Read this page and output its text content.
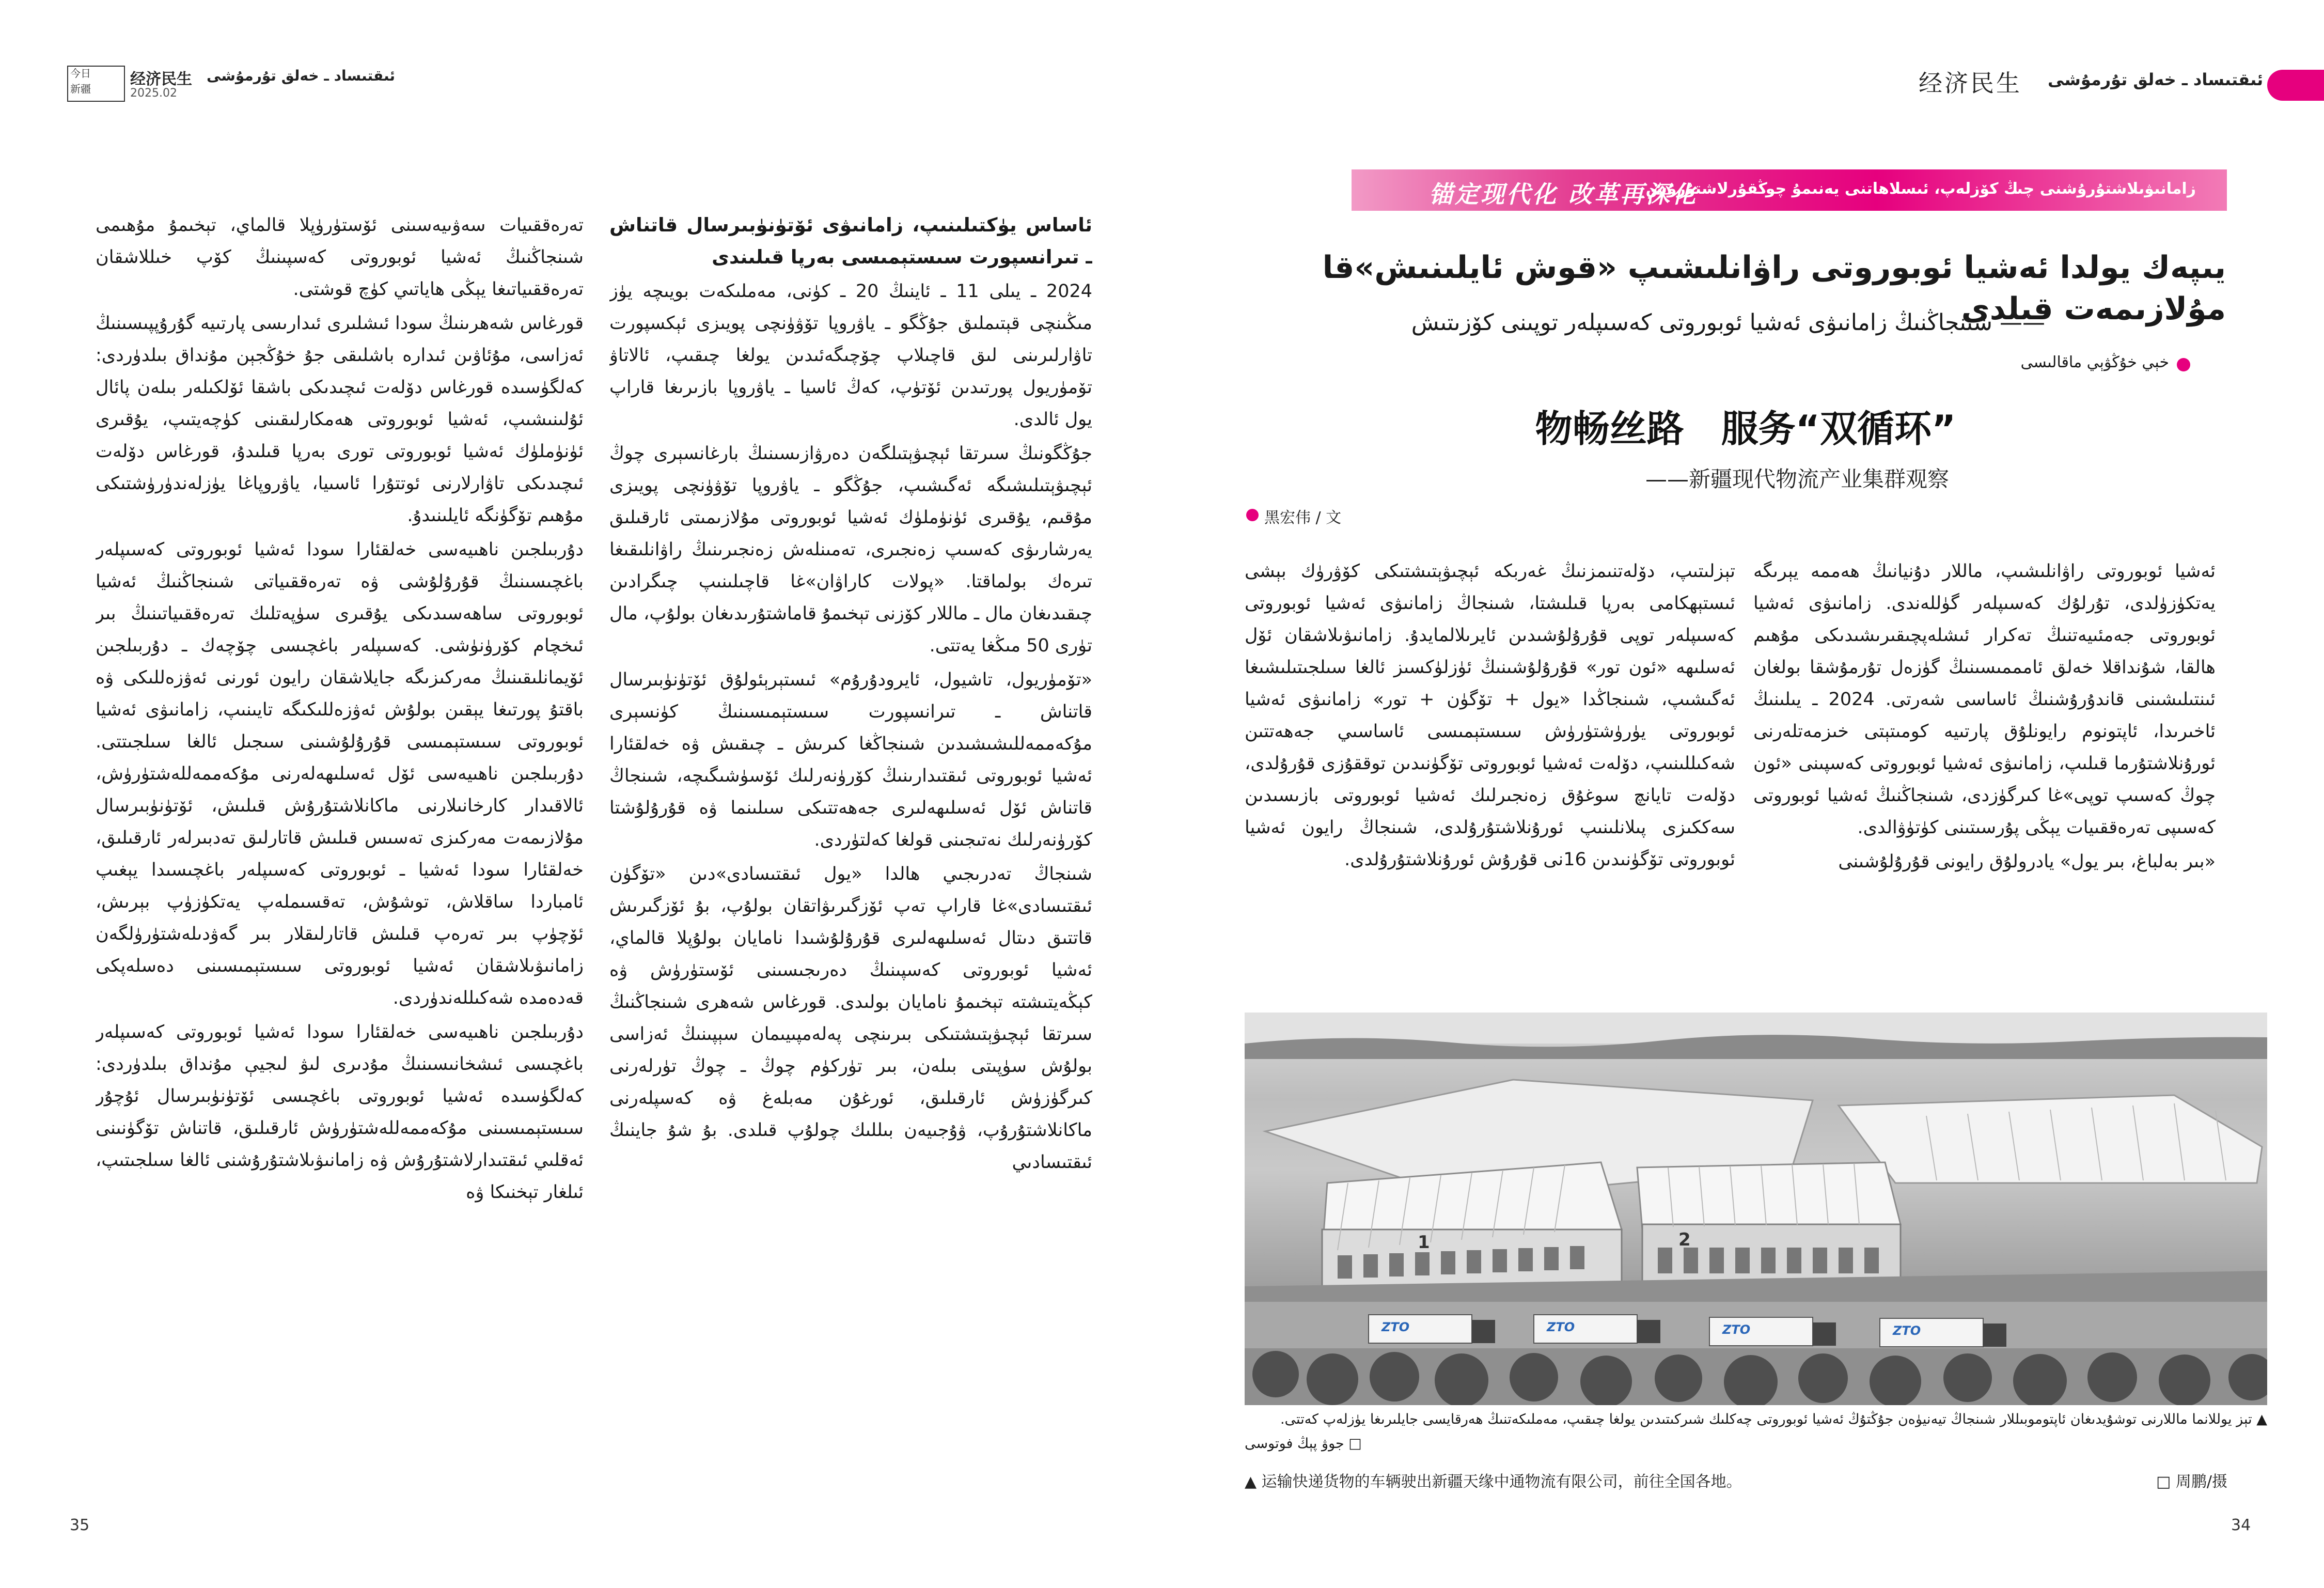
今日
新疆
经济民生
2025.02
ئىقتىساد ـ خەلق تۇرمۇشى	经济民生 ئىقتىساد ـ خەلق تۇرمۇشى
锚定现代化 改革再深化
زامانىۋىلاشتۇرۇشنى چىڭ كۆزلەپ، ئىسلاھاتنى يەنىمۇ چوڭقۇرلاشتۇرۇش
يىپەك يولدا ئەشيا ئوبوروتى راۋانلىشىپ «قوش ئايلىنىش»قا مۇلازىمەت قىلدى
—— شىنجاڭنىڭ زامانىۋى ئەشيا ئوبوروتى كەسىپلەر توپىنى كۆزىتىش
خېي خۇڭۋېي ماقالىسى
物畅丝路　服务“双循环”
——新疆现代物流产业集群观察
黑宏伟 / 文

ئەشيا ئوبوروتى راۋانلىشىپ، ماللار دۇنيانىڭ ھەممە يېرىگە يەتكۈزۈلدى، تۇرلۇك كەسىپلەر گۈللەندى. زامانىۋى ئەشيا ئوبوروتى جەمئىيەتنىڭ تەكرار ئىشلەپچىقىرىشىدىكى مۇھىم ھالقا، شۇنداقلا خەلق ئامممىسىنىڭ گۈزەل تۇرمۇشقا بولغان ئىنتىلىشىنى قاندۇرۇشنىڭ ئاساسى شەرتى. 2024 ـ يىلىنىڭ ئاخىرىدا، ئاپتونوم رايونلۇق پارتىيە كومىتېتى خىزمەتلەرنى ئورۇنلاشتۇرما قىلىپ، زامانىۋى ئەشيا ئوبوروتى كەسپىنى «ئون چوڭ كەسىپ توپى»غا كىرگۈزدى، شىنجاڭنىڭ ئەشيا ئوبوروتى كەسىپى تەرەققىيات يېڭى پۇرسىتىنى كۈتۈۋالدى.

«بىر بەلباغ، بىر يول» يادرولۇق رايونى قۇرۇلۇشىنى

تېزلىتىپ، دۆلەتنىمزنىڭ غەربكە ئېچىۋېتىشتىكى كۆۋرۈك بېشى ئىستېھكامى بەرپا قىلىشتا، شىنجاڭ زامانىۋى ئەشيا ئوبوروتى كەسىپلەر توپى قۇرۇلۇشىدىن ئايرىلالمايدۇ. زامانىۋىلاشقان ئۆل ئەسلىھە «ئون تور» قۇرۇلۇشىنىڭ ئۈزلۈكسىز ئالغا سىلجىتىلىشىغا ئەگىشىپ، شىنجاڭدا «يول + تۆگۈن + تور» زامانىۋى ئەشيا ئوبوروتى يۈرۈشتۈرۈش سىستېمىسى ئاساسىي جەھەتتىن شەكىللىنىپ، دۆلەت ئەشيا ئوبوروتى تۆگۈنىدىن توققۇزى قۇرۇلدى، دۆلەت تايانچ سوغۇق زەنجىرلىك ئەشيا ئوبوروتى بازىسىدىن سەككىزى پىلانلىنىپ ئورۇنلاشتۇرۇلدى، شىنجاڭ رايون ئەشيا ئوبوروتى تۆگۈنىدىن 16نى قۇرۇش ئورۇنلاشتۇرۇلدى.

1	2
ZTO	ZTO	ZTO	ZTO
▲ تېز يوللانما ماللارنى توشۇيدىغان ئاپتوموبىللار شىنجاڭ تيەنيۈەن جۇڭتۇڭ ئەشيا ئوبوروتى چەكلىك شىركىتىدىن يولغا چىقىپ، مەملىكەتنىڭ ھەرقايسى جايلىرىغا يۈزلەپ كەتتى.
□ جوۋ پېڭ فوتوسى
▲ 运输快递货物的车辆驶出新疆天缘中通物流有限公司，前往全国各地。	□ 周鹏/摄

ئاساس يۈكتىلىنىپ، زامانىۋى ئۆتۈنۈبىرسال قاتناش ـ تىرانسپورت سىستېمىسى بەرپا قىلىندى

2024 ـ يىلى 11 ـ ئاينىڭ 20 ـ كۈنى، مەملىكەت بويىچە يۈز مىڭىنچى قېتىملىق جۇڭگو ـ ياۋروپا تۆۋۈنچى پويىزى ئېكسپورت تاۋارلىرىنى لىق قاچىلاپ چۆچىگەئىدىن يولغا چىقىپ، ئالاتاۋ تۆمۈريول پورتىدىن ئۆتۈپ، كەڭ ئاسيا ـ ياۋروپا بازىرىغا قاراپ يول ئالدى.

جۇڭگونىڭ سىرتقا ئېچىۋېتىلگەن دەرۋازىسىنىڭ بارغانسېرى چوڭ ئېچىۋېتىلىشىگە ئەگىشىپ، جۇڭگو ـ ياۋروپا تۆۋۈنچى پويىزى مۇقىم، يۇقىرى ئۈنۈملۈك ئەشيا ئوبوروتى مۇلازىمىتى ئارقىلىق يەرشارىۋى كەسىپ زەنجىرى، تەمىنلەش زەنجىرىنىڭ راۋانلىقىغا تىرەك بولماقتا. «پولات كاراۋان»غا قاچىلىنىپ چىگرادىن چىقىدىغان مال ـ ماللار كۆزنى تېخىمۇ قاماشتۇرىدىغان بولۇپ، مال تۈرى 50 مىڭغا يەتتى.

«تۆمۈريول، تاشيول، ئايرودۇرۇم» ئىستېرېئولۇق ئۆتۈنۈبىرسال قاتناش ـ تىرانسپورت سىستېمىسىنىڭ كۈنسېرى مۇكەممەللىشىشىدىن شىنجاڭغا كىرىش ـ چىقىش ۋە خەلقئارا ئەشيا ئوبوروتى ئىقتىدارىنىڭ كۆرۈنەرلىك ئۆسۈشىگىچە، شىنجاڭ قاتناش ئۆل ئەسلىھەلىرى جەھەتتىكى سىلىنما ۋە قۇرۇلۇشتا كۆرۈنەرلىك نەتىجىنى قولغا كەلتۈردى.

شىنجاڭ تەدرىجىي ھالدا «يول ئىقتىسادى»دىن «تۆگۈن ئىقتىسادى»غا قاراپ تەپ ئۆزگىرىۋاتقان بولۇپ، بۇ ئۆزگىرىش قاتتىق دىتال ئەسلىھەلىرى قۇرۇلۇشىدا نامايان بولۇپلا قالماي، ئەشيا ئوبوروتى كەسپىنىڭ دەرىجىسىنى ئۆستۈرۈش ۋە كېڭەيتىشتە تېخىمۇ نامايان بولىدى. قورغاس شەھرى شىنجاڭنىڭ سىرتقا ئېچىۋېتىشتىكى بىرىنچى پەلەمپىيىمان سېپىنىڭ ئەزاسى بولۇش سۈپىتى بىلەن، بىر تۈركۈم چوڭ ـ چوڭ تۈرلەرنى كىرگۈزۈش ئارقىلىق، ئورغۇن مەبلەغ ۋە كەسپلەرنى ماكانلاشتۇرۇپ، ۋۇجىيەن بىللىك چولۇپ قىلدى. بۇ شۇ جاينىڭ ئىقتىسادىي

تەرەققىيات سەۋىيەسىنى ئۆستۈرۈپلا قالماي، تېخىمۇ مۇھىمى شىنجاڭنىڭ ئەشيا ئوبوروتى كەسپىنىڭ كۆپ خىللاشقان تەرەققىياتىغا يېڭى ھاياتىي كۈچ قوشتى.

قورغاس شەھرىنىڭ سودا ئىشلىرى ئىدارىسى پارتىيە گۇرۇپپىسىنىڭ ئەزاسى، مۇئاۋىن ئىدارە باشلىقى جۇ خۇڭجېن مۇنداق بىلدۈردى: كەلگۈسىدە قورغاس دۆلەت ئىچىدىكى باشقا ئۆلكىلەر بىلەن پائال ئۇلىنىشىپ، ئەشيا ئوبوروتى ھەمكارلىقىنى كۈچەيتىپ، يۇقىرى ئۈنۈملۈك ئەشيا ئوبوروتى تورى بەرپا قىلىدۇ، قورغاس دۆلەت ئىچىدىكى تاۋارلارنى ئوتتۇرا ئاسىيا، ياۋروپاغا يۈزلەندۈرۈشتىكى مۇھىم تۆگۈنگە ئايلىنىدۇ.

دۇربىلجىن ناھىيەسى خەلقئارا سودا ئەشيا ئوبوروتى كەسىپلەر باغچىسىنىڭ قۇرۇلۇشى ۋە تەرەققىياتى شىنجاڭنىڭ ئەشيا ئوبوروتى ساھەسىدىكى يۇقىرى سۈپەتلىك تەرەققىياتىنىڭ بىر ئىخچام كۆرۈنۈشى. كەسىپلەر باغچىسى چۆچەك ـ دۇربىلجىن ئۆيمانلىقىنىڭ مەركىزىگە جايلاشقان رايون ئورنى ئەۋزەللىكى ۋە باقتۇ پورتىغا يېقىن بولۇش ئەۋزەللىكىگە تايىنىپ، زامانىۋى ئەشيا ئوبوروتى سىستېمىسى قۇرۇلۇشىنى سىجىل ئالغا سىلجىتتى. دۇربىلجىن ناھىيەسى ئۆل ئەسلىھەلەرنى مۇكەممەللەشتۈرۈش، ئالاقىدار كارخانىلارنى ماكانلاشتۇرۇش قىلىش، ئۆتۈنۈبىرسال مۇلازىمەت مەركىزى تەسىس قىلىش قاتارلىق تەدبىرلەر ئارقىلىق، خەلقئارا سودا ئەشيا ـ ئوبوروتى كەسىپلەر باغچىسىدا يېغىپ ئامباردا ساقلاش، توشۇش، تەقسىملەپ يەتكۈزۈپ بېرىش، ئۆچۈپ بىر تەرەپ قىلىش قاتارلىقلار بىر گەۋدىلەشتۈرۈلگەن زامانىۋىلاشقان ئەشيا ئوبوروتى سىستېمىسىنى دەسلەپكى قەدەمدە شەكىللەندۈردى.

دۇربىلجىن ناھىيەسى خەلقئارا سودا ئەشيا ئوبوروتى كەسىپلەر باغچىسى ئىشخانىسىنىڭ مۇدىرى لىۋ لىجيې مۇنداق بىلدۈردى: كەلگۈسىدە ئەشيا ئوبوروتى باغچىسى ئۆتۈنۈبىرسال ئۇچۇر سىستېمىسىنى مۇكەممەللەشتۈرۈش ئارقىلىق، قاتناش تۆگۈنىنى ئەقلىي ئىقتىدارلاشتۇرۇش ۋە زامانىۋىلاشتۇرۇشنى ئالغا سىلجىتىپ، ئىلغار تېخنىكا ۋە

35	34
